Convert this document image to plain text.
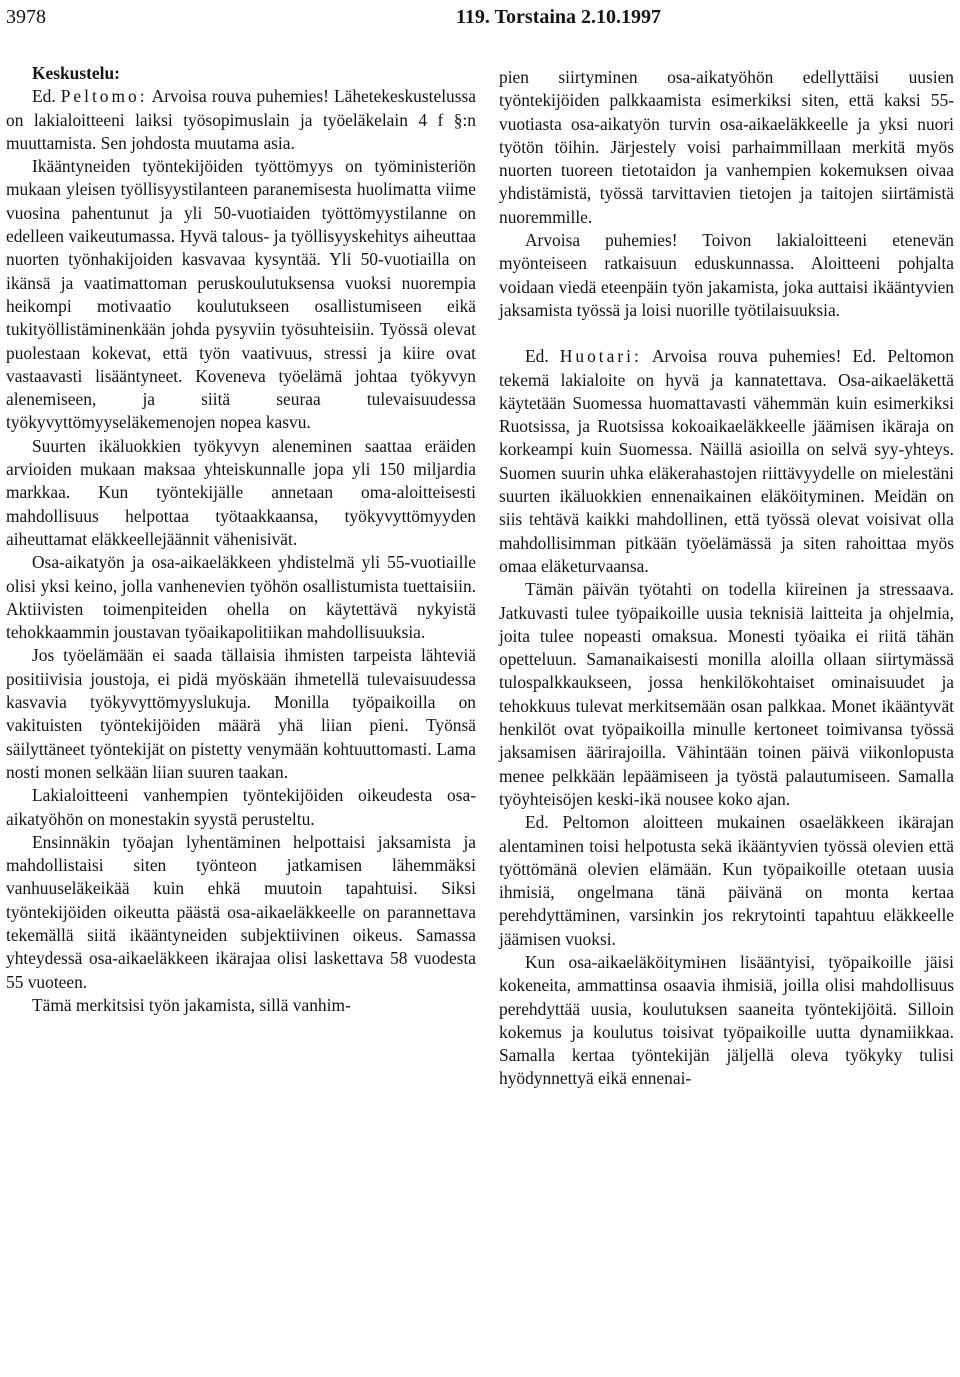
3978	119. Torstaina 2.10.1997

Keskustelu:

Ed. Peltomo: Arvoisa rouva puhemies! Lähetekeskustelussa on lakialoitteeni laiksi työsopimuslain ja työeläkelain 4 f §:n muuttamista. Sen johdosta muutama asia.

Ikääntyneiden työntekijöiden työttömyys on työministeriön mukaan yleisen työllisyystilanteen paranemisesta huolimatta viime vuosina pahentunut ja yli 50-vuotiaiden työttömyystilanne on edelleen vaikeutumassa. Hyvä talous- ja työllisyyskehitys aiheuttaa nuorten työnhakijoiden kasvavaa kysyntää. Yli 50-vuotiailla on ikänsä ja vaatimattoman peruskoulutuksensa vuoksi nuorempia heikompi motivaatio koulutukseen osallistumiseen eikä tukityöllistäminenkään johda pysyviin työsuhteisiin. Työssä olevat puolestaan kokevat, että työn vaativuus, stressi ja kiire ovat vastaavasti lisääntyneet. Koveneva työelämä johtaa työkyvyn alenemiseen, ja siitä seuraa tulevaisuudessa työkyvyttömyyseläkemenojen nopea kasvu.

Suurten ikäluokkien työkyvyn aleneminen saattaa eräiden arvioiden mukaan maksaa yhteiskunnalle jopa yli 150 miljardia markkaa. Kun työntekijälle annetaan oma-aloitteisesti mahdollisuus helpottaa työtaakkaansa, työkyvyttömyyden aiheuttamat eläkkeellejäännit vähenisivät.

Osa-aikatyön ja osa-aikaeläkkeen yhdistelmä yli 55-vuotiaille olisi yksi keino, jolla vanhenevien työhön osallistumista tuettaisiin. Aktiivisten toimenpiteiden ohella on käytettävä nykyistä tehokkaammin joustavan työaikapolitiikan mahdollisuuksia.

Jos työelämään ei saada tällaisia ihmisten tarpeista lähteviä positiivisia joustoja, ei pidä myöskään ihmetellä tulevaisuudessa kasvavia työkyvyttömyyslukuja. Monilla työpaikoilla on vakituisten työntekijöiden määrä yhä liian pieni. Työnsä säilyttäneet työntekijät on pistetty venymään kohtuuttomasti. Lama nosti monen selkään liian suuren taakan.

Lakialoitteeni vanhempien työntekijöiden oikeudesta osa-aikatyöhön on monestakin syystä perusteltu.

Ensinnäkin työajan lyhentäminen helpottaisi jaksamista ja mahdollistaisi siten työnteon jatkamisen lähemmäksi vanhuuseläkeikää kuin ehkä muutoin tapahtuisi. Siksi työntekijöiden oikeutta päästä osa-aikaeläkkeelle on parannettava tekemällä siitä ikääntyneiden subjektiivinen oikeus. Samassa yhteydessä osa-aikaeläkkeen ikärajaa olisi laskettava 58 vuodesta 55 vuoteen.

Tämä merkitsisi työn jakamista, sillä vanhim-

pien siirtyminen osa-aikatyöhön edellyttäisi uusien työntekijöiden palkkaamista esimerkiksi siten, että kaksi 55-vuotiasta osa-aikatyön turvin osa-aikaeläkkeelle ja yksi nuori työtön töihin. Järjestely voisi parhaimmillaan merkitä myös nuorten tuoreen tietotaidon ja vanhempien kokemuksen oivaa yhdistämistä, työssä tarvittavien tietojen ja taitojen siirtämistä nuoremmille.

Arvoisa puhemies! Toivon lakialoitteeni etenevän myönteiseen ratkaisuun eduskunnassa. Aloitteeni pohjalta voidaan viedä eteenpäin työn jakamista, joka auttaisi ikääntyvien jaksamista työssä ja loisi nuorille työtilaisuuksia.

Ed. Huotari: Arvoisa rouva puhemies! Ed. Peltomon tekemä lakialoite on hyvä ja kannatettava. Osa-aikaeläkettä käytetään Suomessa huomattavasti vähemmän kuin esimerkiksi Ruotsissa, ja Ruotsissa kokoaikaeläkkeelle jäämisen ikäraja on korkeampi kuin Suomessa. Näillä asioilla on selvä syy-yhteys. Suomen suurin uhka eläkerahastojen riittävyydelle on mielestäni suurten ikäluokkien ennenaikainen eläköityminen. Meidän on siis tehtävä kaikki mahdollinen, että työssä olevat voisivat olla mahdollisimman pitkään työelämässä ja siten rahoittaa myös omaa eläketurvaansa.

Tämän päivän työtahti on todella kiireinen ja stressaava. Jatkuvasti tulee työpaikoille uusia teknisiä laitteita ja ohjelmia, joita tulee nopeasti omaksua. Monesti työaika ei riitä tähän opetteluun. Samanaikaisesti monilla aloilla ollaan siirtymässä tulospalkkaukseen, jossa henkilökohtaiset ominaisuudet ja tehokkuus tulevat merkitsemään osan palkkaa. Monet ikääntyvät henkilöt ovat työpaikoilla minulle kertoneet toimivansa työssä jaksamisen äärirajoilla. Vähintään toinen päivä viikonlopusta menee pelkkään lepäämiseen ja työstä palautumiseen. Samalla työyhteisöjen keski-ikä nousee koko ajan.

Ed. Peltomon aloitteen mukainen osaeläkkeen ikärajan alentaminen toisi helpotusta sekä ikääntyvien työssä olevien että työttömänä olevien elämään. Kun työpaikoille otetaan uusia ihmisiä, ongelmana tänä päivänä on monta kertaa perehdyttäminen, varsinkin jos rekrytointi tapahtuu eläkkeelle jäämisen vuoksi.

Kun osa-aikaeläköitymінen lisääntyisi, työpaikoille jäisi kokeneita, ammattinsa osaavia ihmisiä, joilla olisi mahdollisuus perehdyttää uusia, koulutuksen saaneita työntekijöitä. Silloin kokemus ja koulutus toisivat työpaikoille uutta dynamiikkaa. Samalla kertaa työntekijän jäljellä oleva työkyky tulisi hyödynnettyä eikä ennenai-
